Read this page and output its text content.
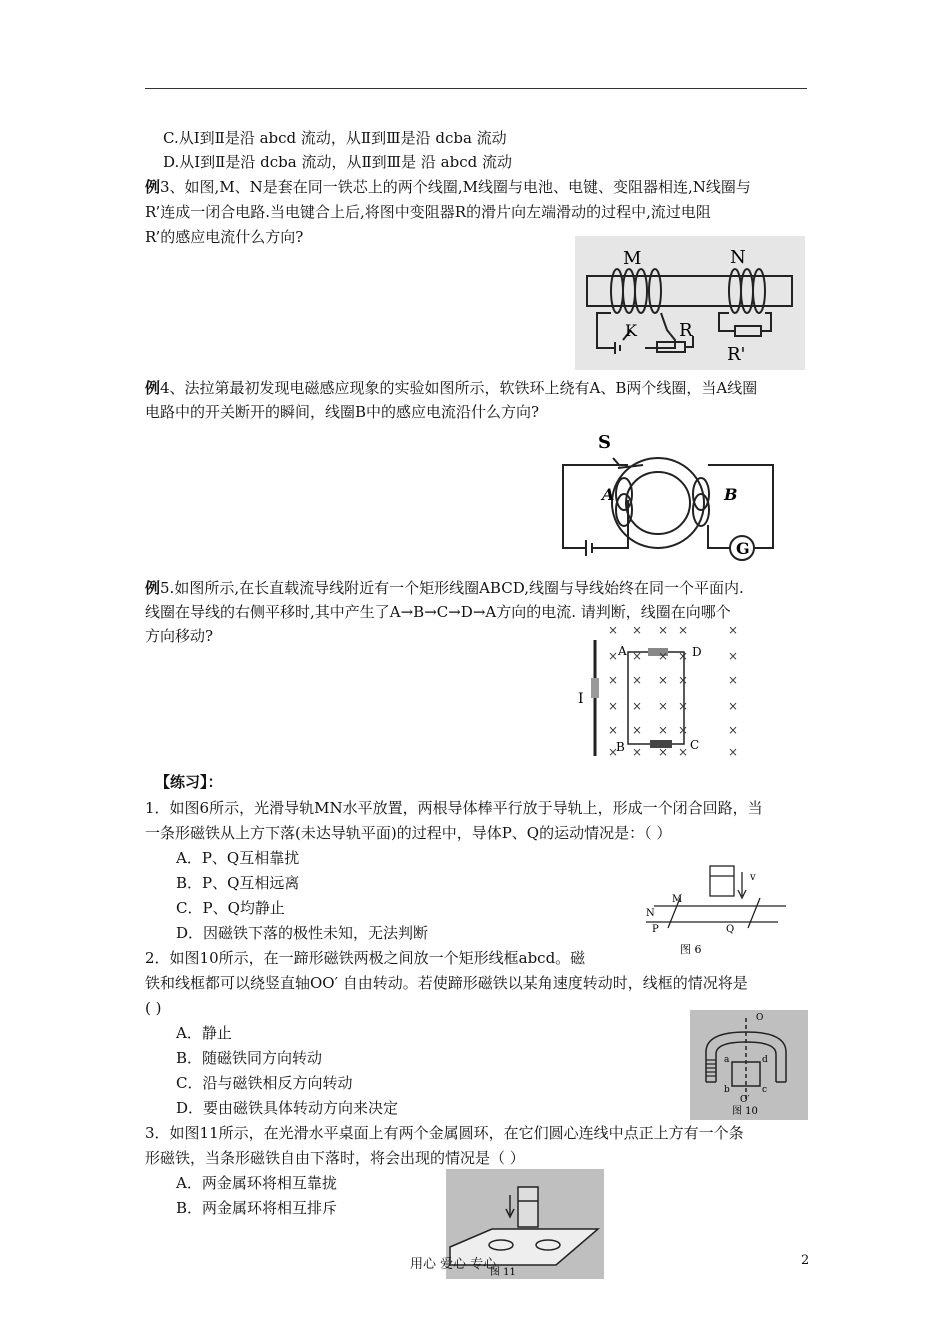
C.从Ⅰ到Ⅱ是沿 abcd 流动，从Ⅱ到Ⅲ是沿 dcba 流动
D.从Ⅰ到Ⅱ是沿 dcba 流动，从Ⅱ到Ⅲ是 沿 abcd 流动
例3、如图,M、N是套在同一铁芯上的两个线圈,M线圈与电池、电键、变阻器相连,N线圈与
R’连成一闭合电路.当电键合上后,将图中变阻器R的滑片向左端滑动的过程中,流过电阻
R’的感应电流什么方向?
M	N
K R
R'
例4、法拉第最初发现电磁感应现象的实验如图所示，软铁环上绕有A、B两个线圈，当A线圈
电路中的开关断开的瞬间，线圈B中的感应电流沿什么方向?
S
A	B
G
例5.如图所示,在长直载流导线附近有一个矩形线圈ABCD,线圈与导线始终在同一个平面内.
线圈在导线的右侧平移时,其中产生了A→B→C→D→A方向的电流. 请判断，线圈在向哪个
方向移动?
I
A	D
B	C
× × × ×	×
× × × ×	×
× × × ×	×
× × × ×	×
× × × ×	×
× × × ×	×
【练习】：
1．如图6所示，光滑导轨MN水平放置，两根导体棒平行放于导轨上，形成一个闭合回路，当
一条形磁铁从上方下落(未达导轨平面)的过程中，导体P、Q的运动情况是：（ ）
A．P、Q互相靠扰
B．P、Q互相远离
C．P、Q均静止
D．因磁铁下落的极性未知，无法判断
v
M
N
P	Q
图 6
2．如图10所示，在一蹄形磁铁两极之间放一个矩形线框abcd。磁
铁和线框都可以绕竖直轴OO′ 自由转动。若使蹄形磁铁以某角速度转动时，线框的情况将是
( )
A．静止
B．随磁铁同方向转动
C．沿与磁铁相反方向转动
D．要由磁铁具体转动方向来决定
O
a	d
b	c
O′
图 10
3．如图11所示，在光滑水平桌面上有两个金属圆环，在它们圆心连线中点正上方有一个条
形磁铁，当条形磁铁自由下落时，将会出现的情况是（ ）
A．两金属环将相互靠拢
B．两金属环将相互排斥
图 11
用心 爱心 专心	2
